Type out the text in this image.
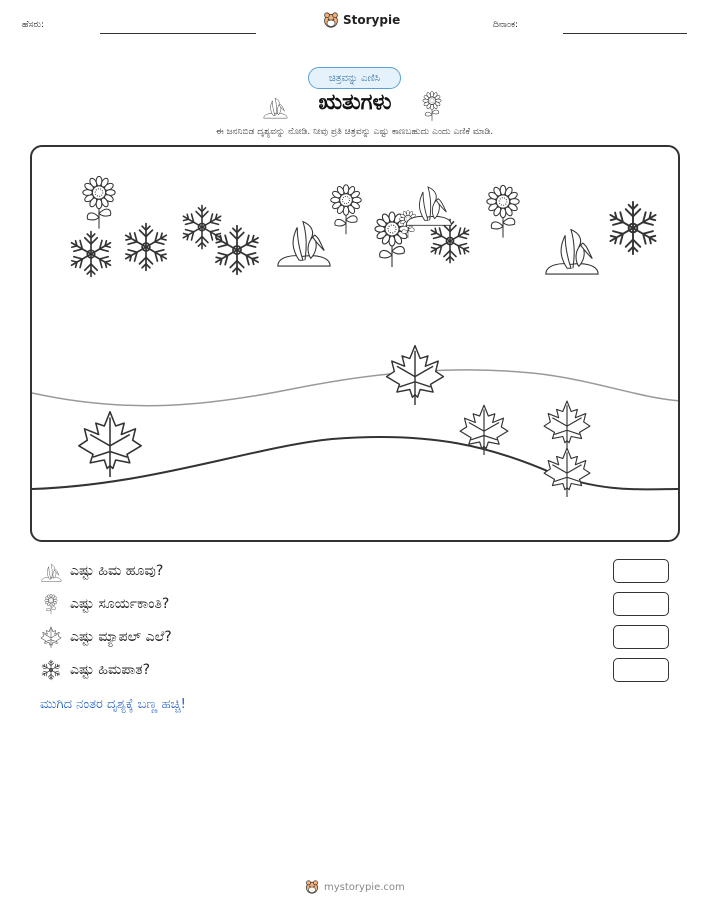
ಹೆಸರು:	Storypie	ದಿನಾಂಕ:
ಚಿತ್ರವನ್ನು ಎಣಿಸಿ
ಋತುಗಳು
ಈ ಜನನಿಬಿಡ ದೃಶ್ಯವನ್ನು ನೋಡಿ. ನೀವು ಪ್ರತಿ ಚಿತ್ರವನ್ನು ಎಷ್ಟು ಕಾಣಬಹುದು ಎಂದು ಎಣಿಕೆ ಮಾಡಿ.
ಎಷ್ಟು ಹಿಮ ಹೂವು?
ಎಷ್ಟು ಸೂರ್ಯಕಾಂತಿ?
ಎಷ್ಟು ಮ್ಯಾಪಲ್ ಎಲೆ?
ಎಷ್ಟು ಹಿಮಪಾತ?
ಮುಗಿದ ನಂತರ ದೃಶ್ಯಕ್ಕೆ ಬಣ್ಣ ಹಚ್ಚಿ!
mystorypie.com
